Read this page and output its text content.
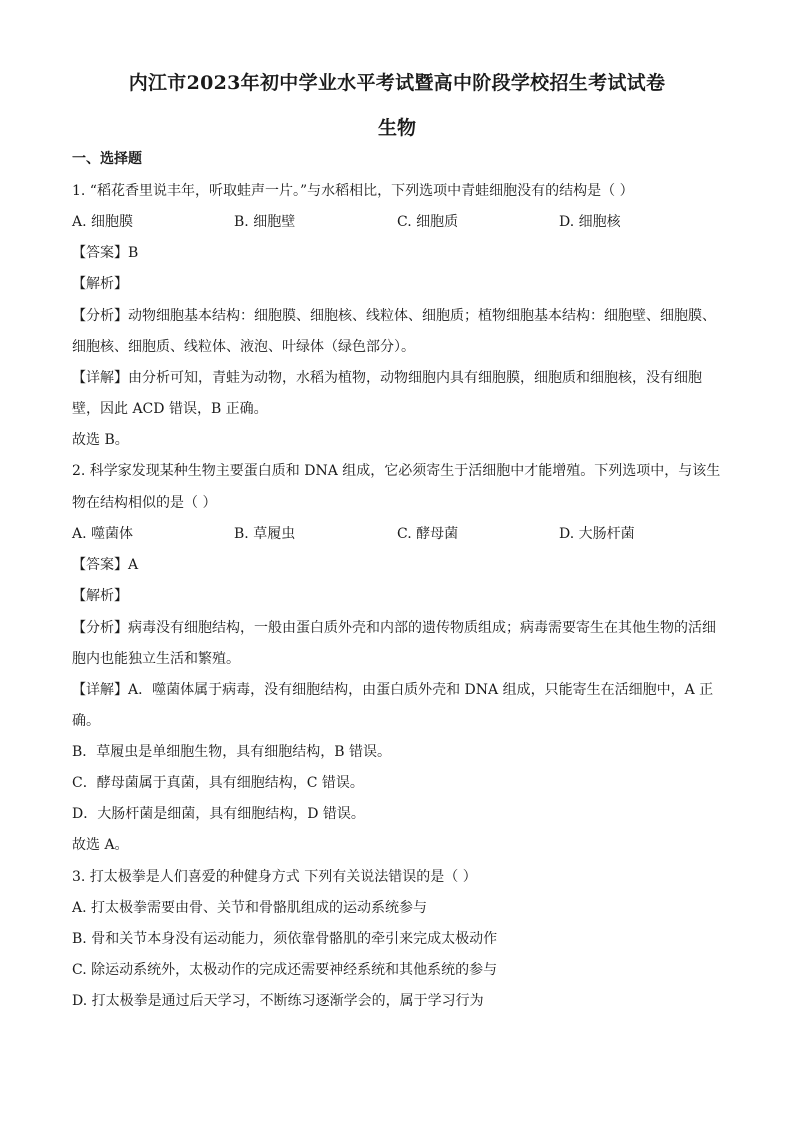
内江市2023年初中学业水平考试暨高中阶段学校招生考试试卷
生物
一、选择题
1. “稻花香里说丰年，听取蛙声一片。”与水稻相比，下列选项中青蛙细胞没有的结构是（ ）
A. 细胞膜	B. 细胞壁	C. 细胞质	D. 细胞核
【答案】B
【解析】
【分析】动物细胞基本结构：细胞膜、细胞核、线粒体、细胞质；植物细胞基本结构：细胞壁、细胞膜、
细胞核、细胞质、线粒体、液泡、叶绿体（绿色部分）。
【详解】由分析可知，青蛙为动物，水稻为植物，动物细胞内具有细胞膜，细胞质和细胞核，没有细胞
壁，因此 ACD 错误，B 正确。
故选 B。
2. 科学家发现某种生物主要蛋白质和 DNA 组成，它必须寄生于活细胞中才能增殖。下列选项中，与该生
物在结构相似的是（ ）
A. 噬菌体	B. 草履虫	C. 酵母菌	D. 大肠杆菌
【答案】A
【解析】
【分析】病毒没有细胞结构，一般由蛋白质外壳和内部的遗传物质组成；病毒需要寄生在其他生物的活细
胞内也能独立生活和繁殖。
【详解】A．噬菌体属于病毒，没有细胞结构，由蛋白质外壳和 DNA 组成，只能寄生在活细胞中，A 正
确。
B．草履虫是单细胞生物，具有细胞结构，B 错误。
C．酵母菌属于真菌，具有细胞结构，C 错误。
D．大肠杆菌是细菌，具有细胞结构，D 错误。
故选 A。
3. 打太极拳是人们喜爱的种健身方式 下列有关说法错误的是（ ）
A. 打太极拳需要由骨、关节和骨骼肌组成的运动系统参与
B. 骨和关节本身没有运动能力，须依靠骨骼肌的牵引来完成太极动作
C. 除运动系统外，太极动作的完成还需要神经系统和其他系统的参与
D. 打太极拳是通过后天学习，不断练习逐渐学会的，属于学习行为
